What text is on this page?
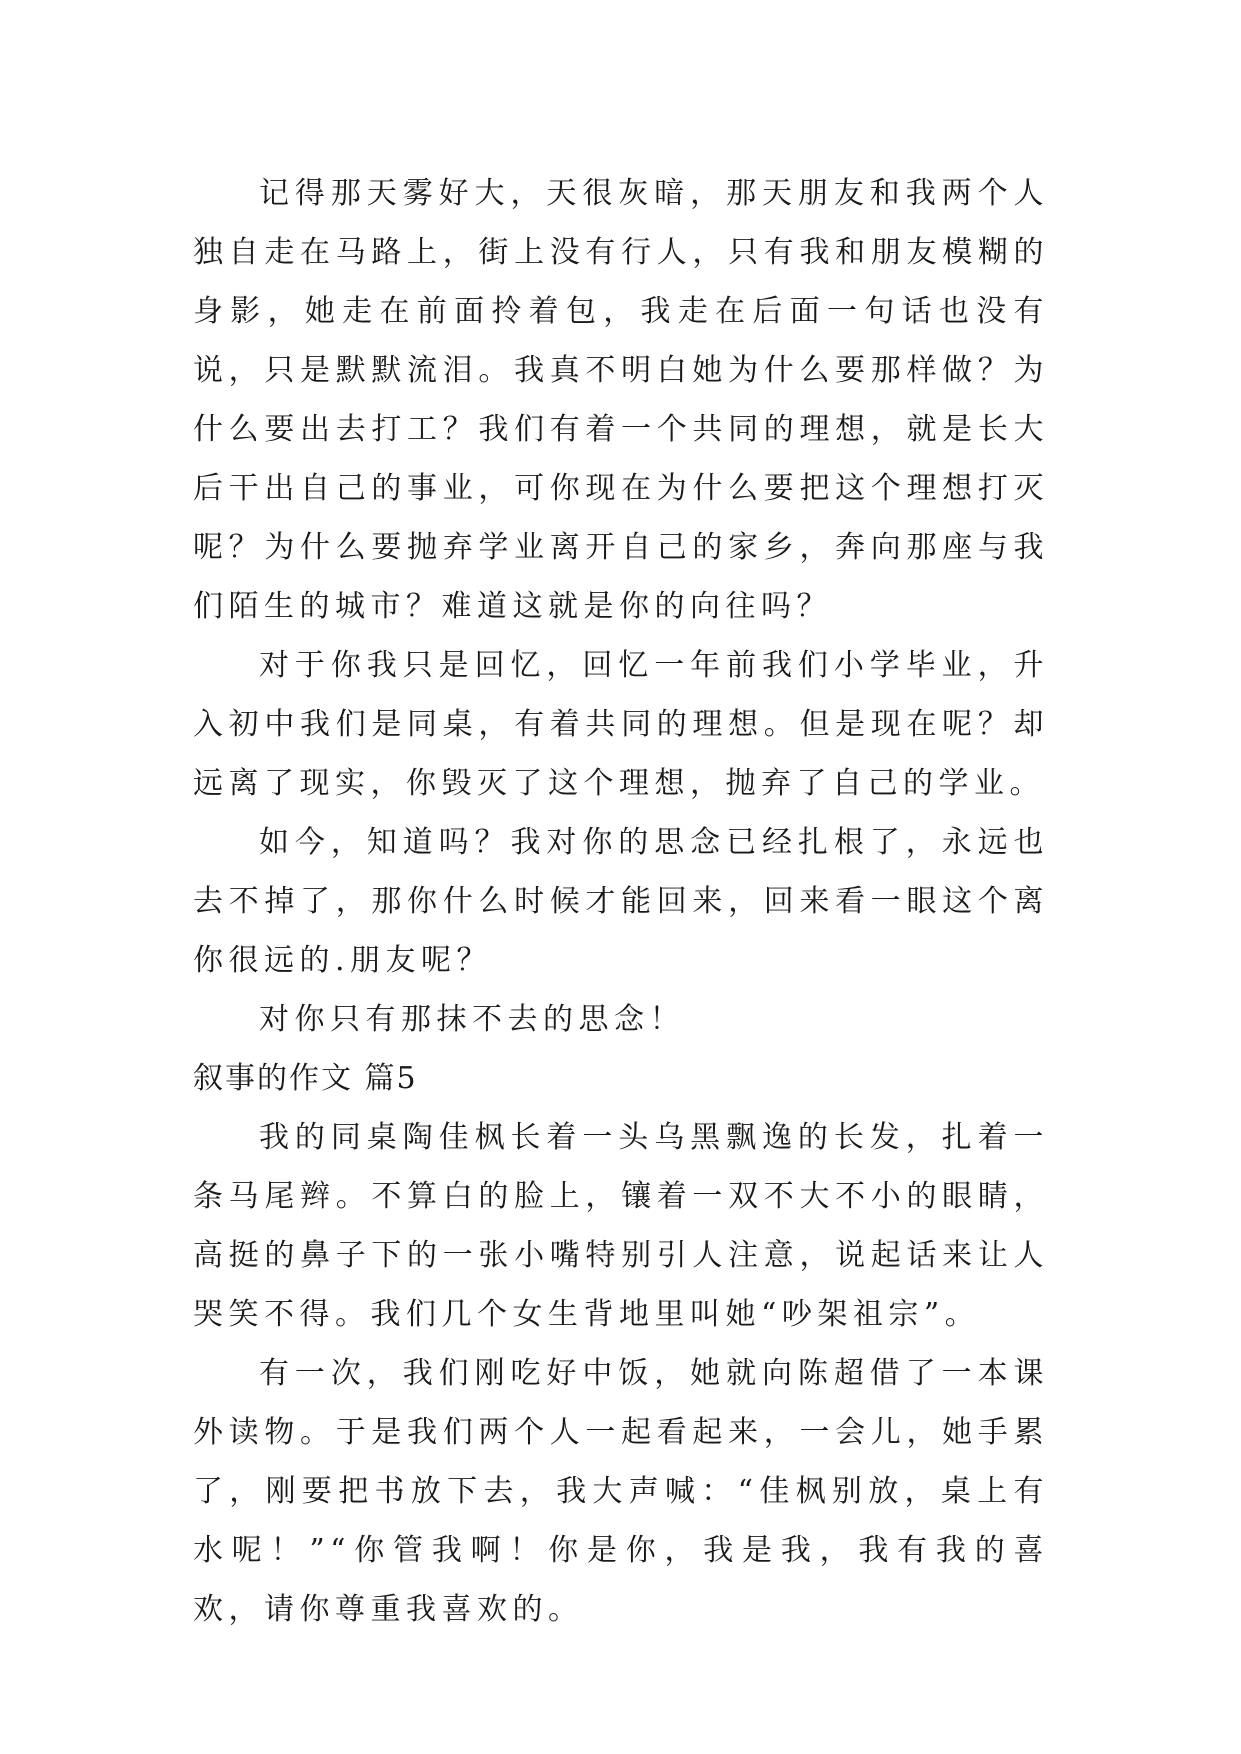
记得那天雾好大，天很灰暗，那天朋友和我两个人独自走在马路上，街上没有行人，只有我和朋友模糊的身影，她走在前面拎着包，我走在后面一句话也没有说，只是默默流泪。我真不明白她为什么要那样做？为什么要出去打工？我们有着一个共同的理想，就是长大后干出自己的事业，可你现在为什么要把这个理想打灭呢？为什么要抛弃学业离开自己的家乡，奔向那座与我们陌生的城市？难道这就是你的向往吗？

对于你我只是回忆，回忆一年前我们小学毕业，升入初中我们是同桌，有着共同的理想。但是现在呢？却远离了现实，你毁灭了这个理想，抛弃了自己的学业。

如今，知道吗？我对你的思念已经扎根了，永远也去不掉了，那你什么时候才能回来，回来看一眼这个离你很远的.朋友呢？

对你只有那抹不去的思念！

叙事的作文 篇5

我的同桌陶佳枫长着一头乌黑飘逸的长发，扎着一条马尾辫。不算白的脸上，镶着一双不大不小的眼睛，高挺的鼻子下的一张小嘴特别引人注意，说起话来让人哭笑不得。我们几个女生背地里叫她“吵架祖宗”。

有一次，我们刚吃好中饭，她就向陈超借了一本课外读物。于是我们两个人一起看起来，一会儿，她手累了，刚要把书放下去，我大声喊：“佳枫别放，桌上有水呢！”“你管我啊！你是你，我是我，我有我的喜欢，请你尊重我喜欢的。
